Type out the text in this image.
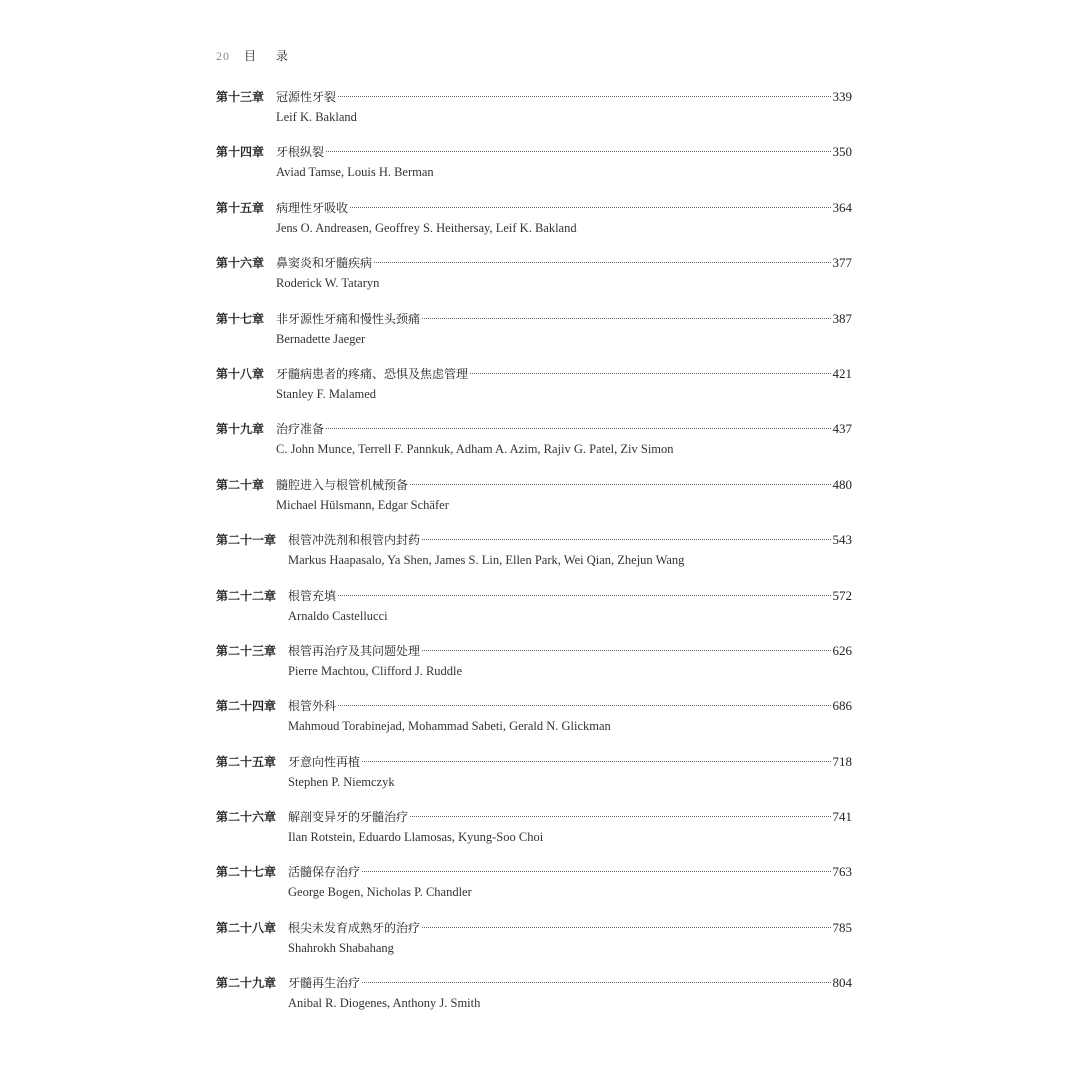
20 目 录
第十三章 冠源性牙裂	339
Leif K. Bakland
第十四章 牙根纵裂	350
Aviad Tamse, Louis H. Berman
第十五章 病理性牙吸收	364
Jens O. Andreasen, Geoffrey S. Heithersay, Leif K. Bakland
第十六章 鼻窦炎和牙髓疾病	377
Roderick W. Tataryn
第十七章 非牙源性牙痛和慢性头颈痛	387
Bernadette Jaeger
第十八章 牙髓病患者的疼痛、恐惧及焦虑管理	421
Stanley F. Malamed
第十九章 治疗准备	437
C. John Munce, Terrell F. Pannkuk, Adham A. Azim, Rajiv G. Patel, Ziv Simon
第二十章 髓腔进入与根管机械预备	480
Michael Hülsmann, Edgar Schäfer
第二十一章 根管冲洗剂和根管内封药	543
Markus Haapasalo, Ya Shen, James S. Lin, Ellen Park, Wei Qian, Zhejun Wang
第二十二章 根管充填	572
Arnaldo Castellucci
第二十三章 根管再治疗及其问题处理	626
Pierre Machtou, Clifford J. Ruddle
第二十四章 根管外科	686
Mahmoud Torabinejad, Mohammad Sabeti, Gerald N. Glickman
第二十五章 牙意向性再植	718
Stephen P. Niemczyk
第二十六章 解剖变异牙的牙髓治疗	741
Ilan Rotstein, Eduardo Llamosas, Kyung-Soo Choi
第二十七章 活髓保存治疗	763
George Bogen, Nicholas P. Chandler
第二十八章 根尖未发育成熟牙的治疗	785
Shahrokh Shabahang
第二十九章 牙髓再生治疗	804
Anibal R. Diogenes, Anthony J. Smith
